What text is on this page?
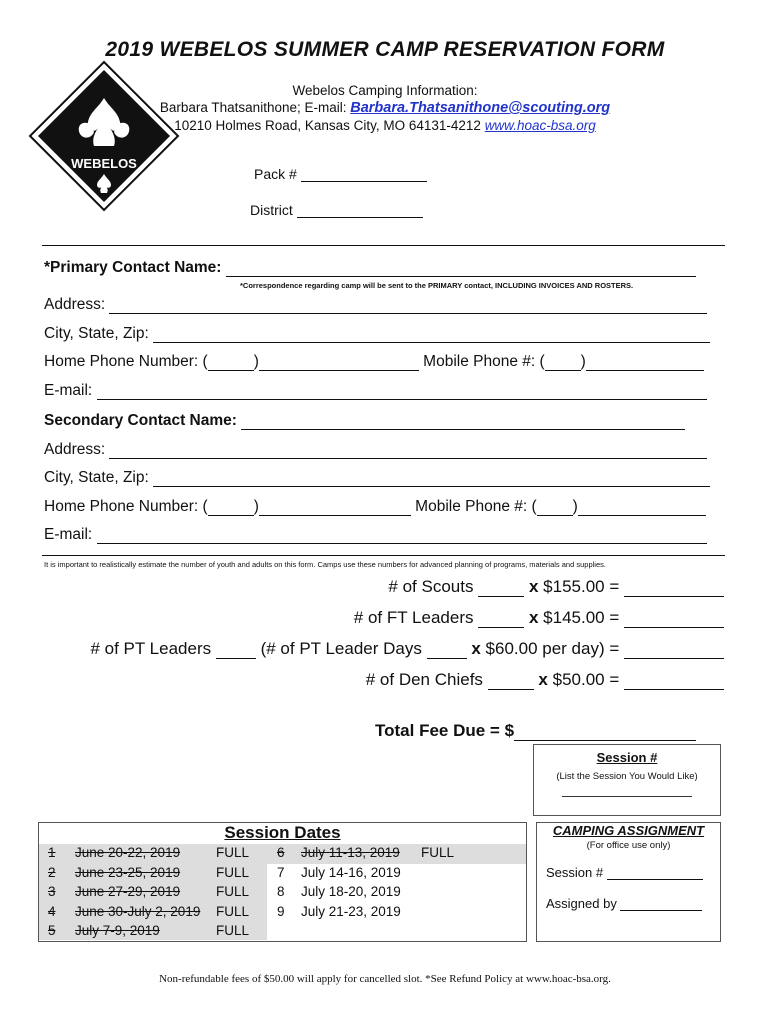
2019 WEBELOS SUMMER CAMP RESERVATION FORM
WEBELOS
Webelos Camping Information:
Barbara Thatsanithone; E-mail: Barbara.Thatsanithone@scouting.org
10210 Holmes Road, Kansas City, MO 64131-4212 www.hoac-bsa.org
Pack #
District
*Primary Contact Name:
*Correspondence regarding camp will be sent to the PRIMARY contact, INCLUDING INVOICES AND ROSTERS.
Address:
City, State, Zip:
Home Phone Number: (	)	Mobile Phone #: ( )
E-mail:
Secondary Contact Name:
Address:
City, State, Zip:
Home Phone Number: (	)	Mobile Phone #: ( )
E-mail:
It is important to realistically estimate the number of youth and adults on this form. Camps use these numbers for advanced planning of programs, materials and supplies.
# of Scouts	x $155.00 =
# of FT Leaders	x $145.00 =
# of PT Leaders	(# of PT Leader Days	x $60.00 per day) =
# of Den Chiefs	x $50.00 =
Total Fee Due = $
Session #
(List the Session You Would Like)
Session Dates
1 June 20-22, 2019	FULL
2 June 23-25, 2019	FULL
3 June 27-29, 2019	FULL
4 June 30-July 2, 2019 FULL
5 July 7-9, 2019	FULL
6 July 11-13, 2019 FULL
7 July 14-16, 2019
8 July 18-20, 2019
9 July 21-23, 2019
CAMPING ASSIGNMENT
(For office use only)
Session #
Assigned by
Non-refundable fees of $50.00 will apply for cancelled slot. *See Refund Policy at www.hoac-bsa.org.
